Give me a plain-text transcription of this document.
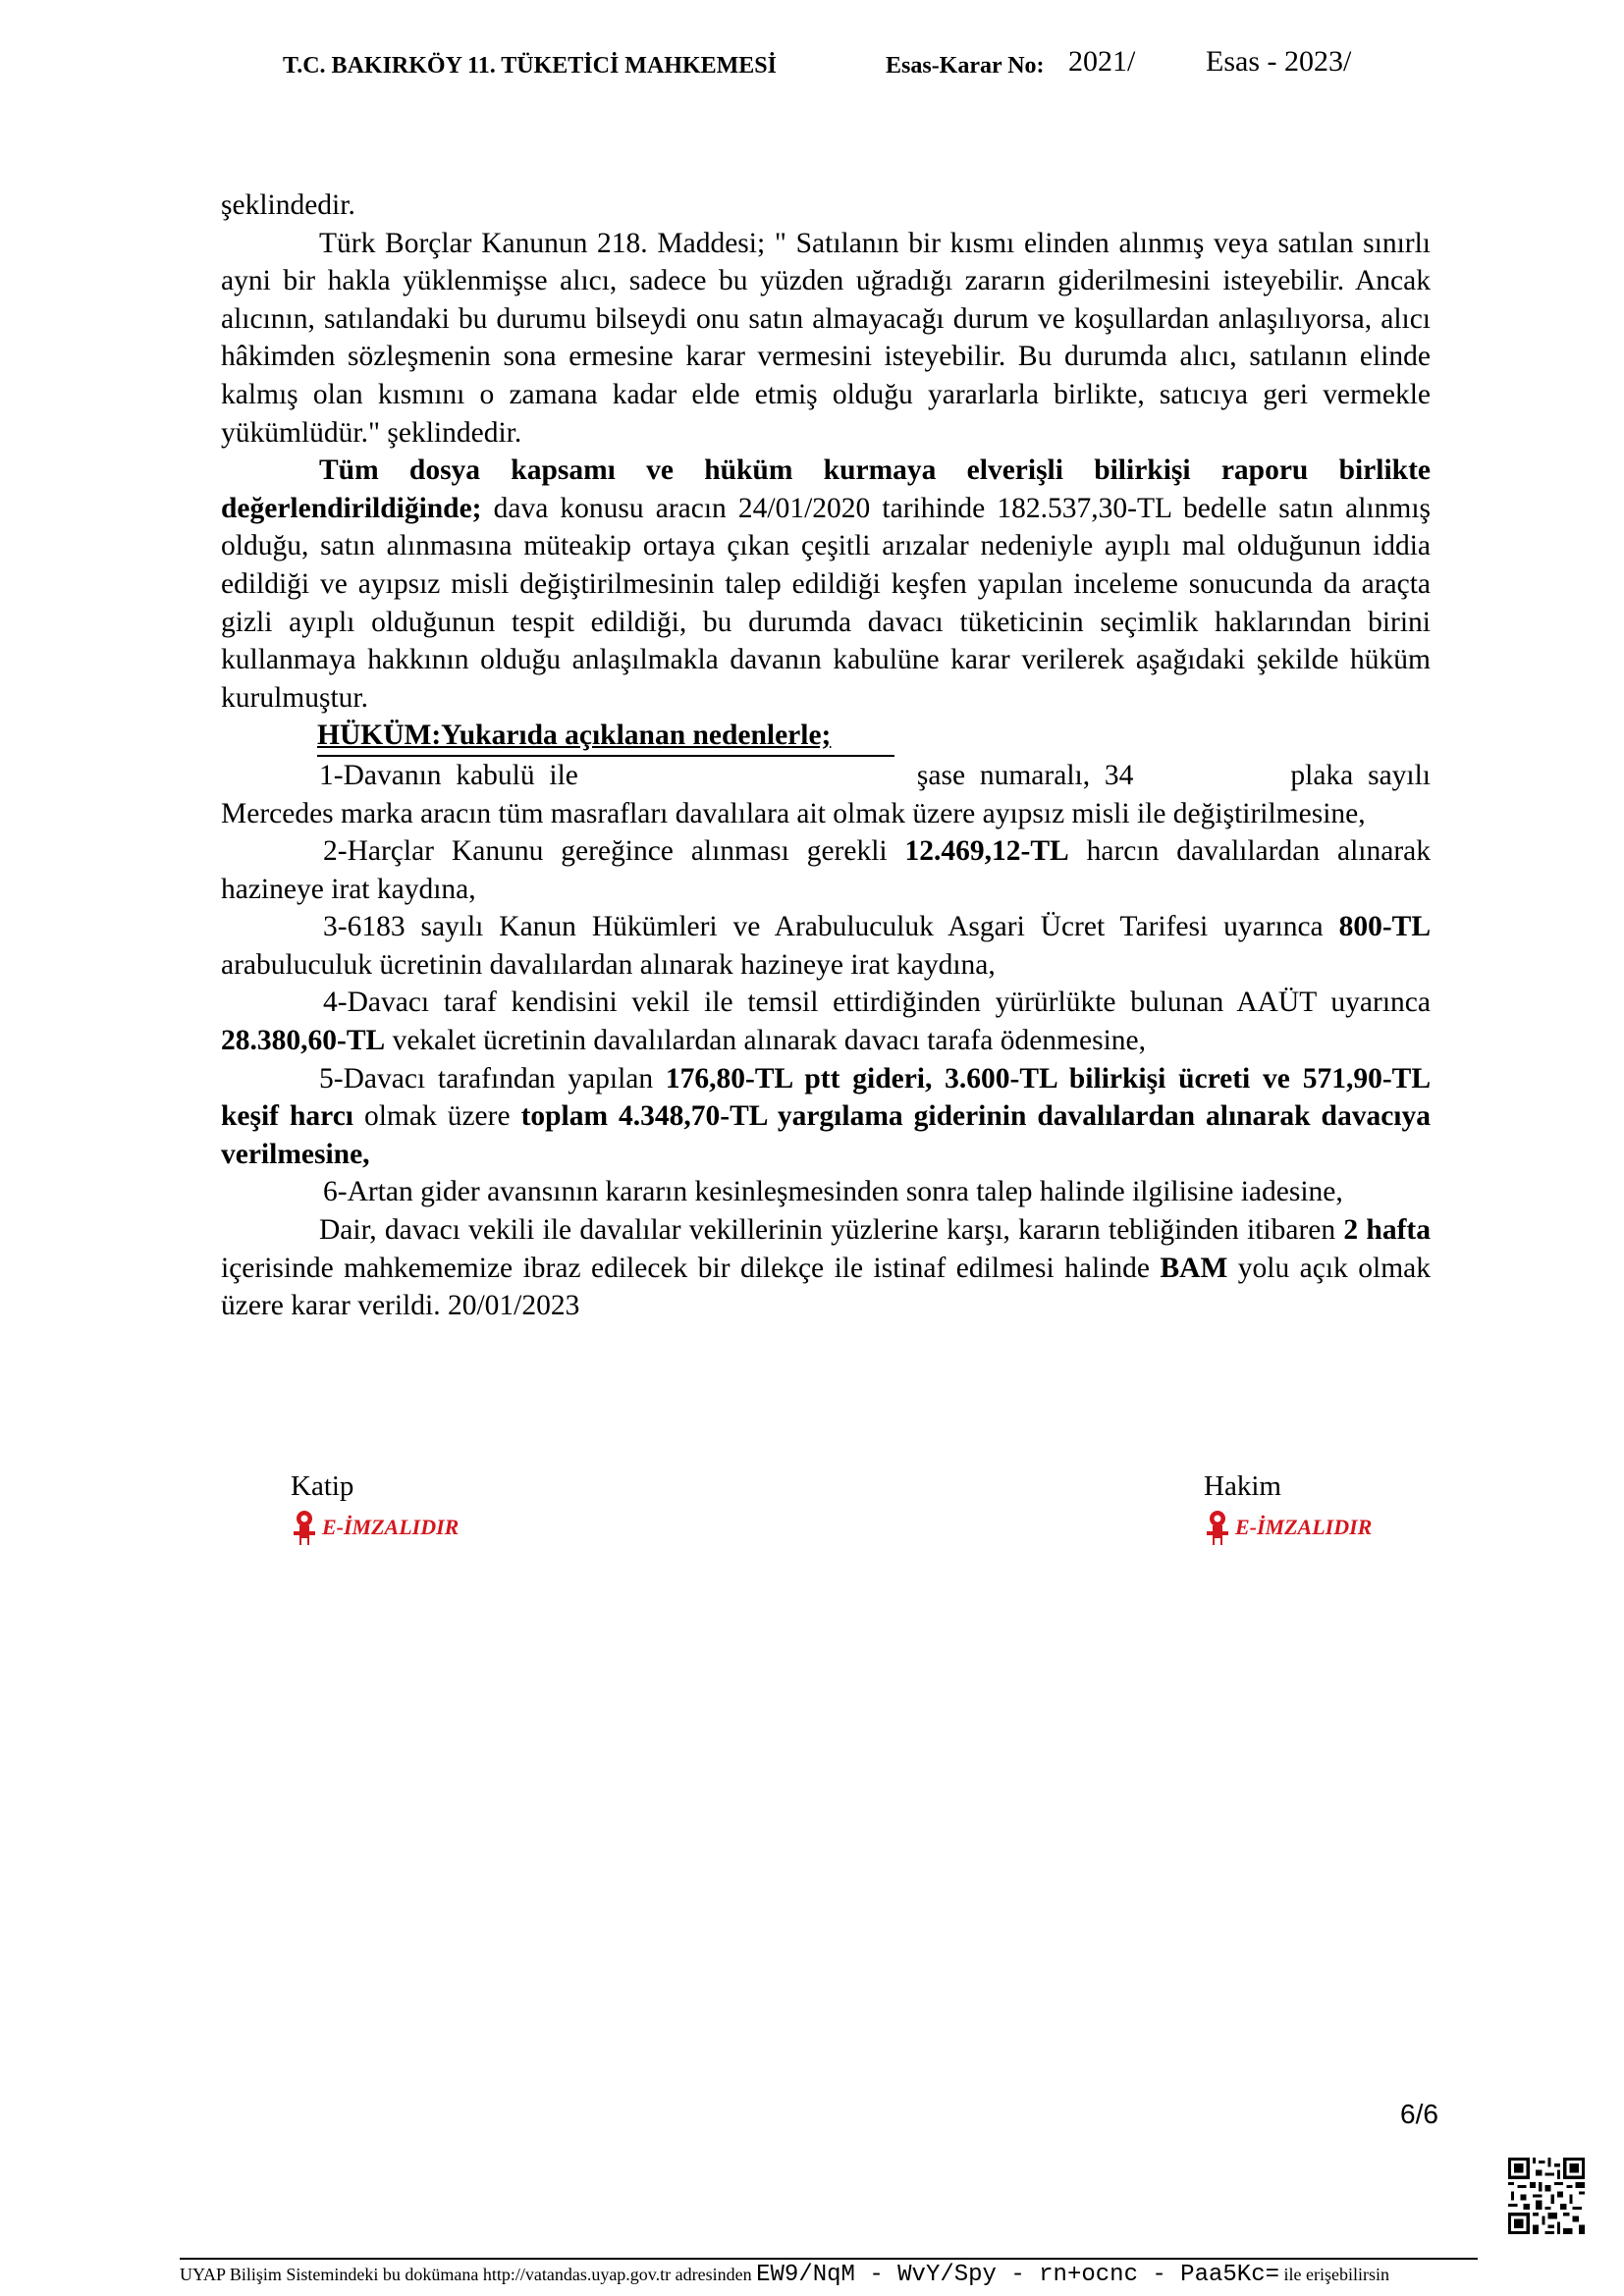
T.C. BAKIRKÖY 11. TÜKETİCİ MAHKEMESİ	Esas-Karar No: 2021/ Esas - 2023/

şeklindedir.

Türk Borçlar Kanunun 218. Maddesi; " Satılanın bir kısmı elinden alınmış veya satılan sınırlı ayni bir hakla yüklenmişse alıcı, sadece bu yüzden uğradığı zararın giderilmesini isteyebilir. Ancak alıcının, satılandaki bu durumu bilseydi onu satın almayacağı durum ve koşullardan anlaşılıyorsa, alıcı hâkimden sözleşmenin sona ermesine karar vermesini isteyebilir. Bu durumda alıcı, satılanın elinde kalmış olan kısmını o zamana kadar elde etmiş olduğu yararlarla birlikte, satıcıya geri vermekle yükümlüdür." şeklindedir.

Tüm dosya kapsamı ve hüküm kurmaya elverişli bilirkişi raporu birlikte değerlendirildiğinde; dava konusu aracın 24/01/2020 tarihinde 182.537,30-TL bedelle satın alınmış olduğu, satın alınmasına müteakip ortaya çıkan çeşitli arızalar nedeniyle ayıplı mal olduğunun iddia edildiği ve ayıpsız misli değiştirilmesinin talep edildiği keşfen yapılan inceleme sonucunda da araçta gizli ayıplı olduğunun tespit edildiği, bu durumda davacı tüketicinin seçimlik haklarından birini kullanmaya hakkının olduğu anlaşılmakla davanın kabulüne karar verilerek aşağıdaki şekilde hüküm kurulmuştur.

HÜKÜM:Yukarıda açıklanan nedenlerle;

1-Davanın kabulü ile	şase numaralı, 34	plaka sayılı Mercedes marka aracın tüm masrafları davalılara ait olmak üzere ayıpsız misli ile değiştirilmesine,

2-Harçlar Kanunu gereğince alınması gerekli 12.469,12-TL harcın davalılardan alınarak hazineye irat kaydına,

3-6183 sayılı Kanun Hükümleri ve Arabuluculuk Asgari Ücret Tarifesi uyarınca 800-TL arabuluculuk ücretinin davalılardan alınarak hazineye irat kaydına,

4-Davacı taraf kendisini vekil ile temsil ettirdiğinden yürürlükte bulunan AAÜT uyarınca 28.380,60-TL vekalet ücretinin davalılardan alınarak davacı tarafa ödenmesine,

5-Davacı tarafından yapılan 176,80-TL ptt gideri, 3.600-TL bilirkişi ücreti ve 571,90-TL keşif harcı olmak üzere toplam 4.348,70-TL yargılama giderinin davalılardan alınarak davacıya verilmesine,

6-Artan gider avansının kararın kesinleşmesinden sonra talep halinde ilgilisine iadesine,

Dair, davacı vekili ile davalılar vekillerinin yüzlerine karşı, kararın tebliğinden itibaren 2 hafta içerisinde mahkememize ibraz edilecek bir dilekçe ile istinaf edilmesi halinde BAM yolu açık olmak üzere karar verildi. 20/01/2023

Katip
E-İMZALIDIR
Hakim
E-İMZALIDIR
6/6
UYAP Bilişim Sistemindeki bu dokümana http://vatandas.uyap.gov.tr adresinden EW9/NqM - WvY/Spy - rn+ocnc - Paa5Kc= ile erişebilirsin
